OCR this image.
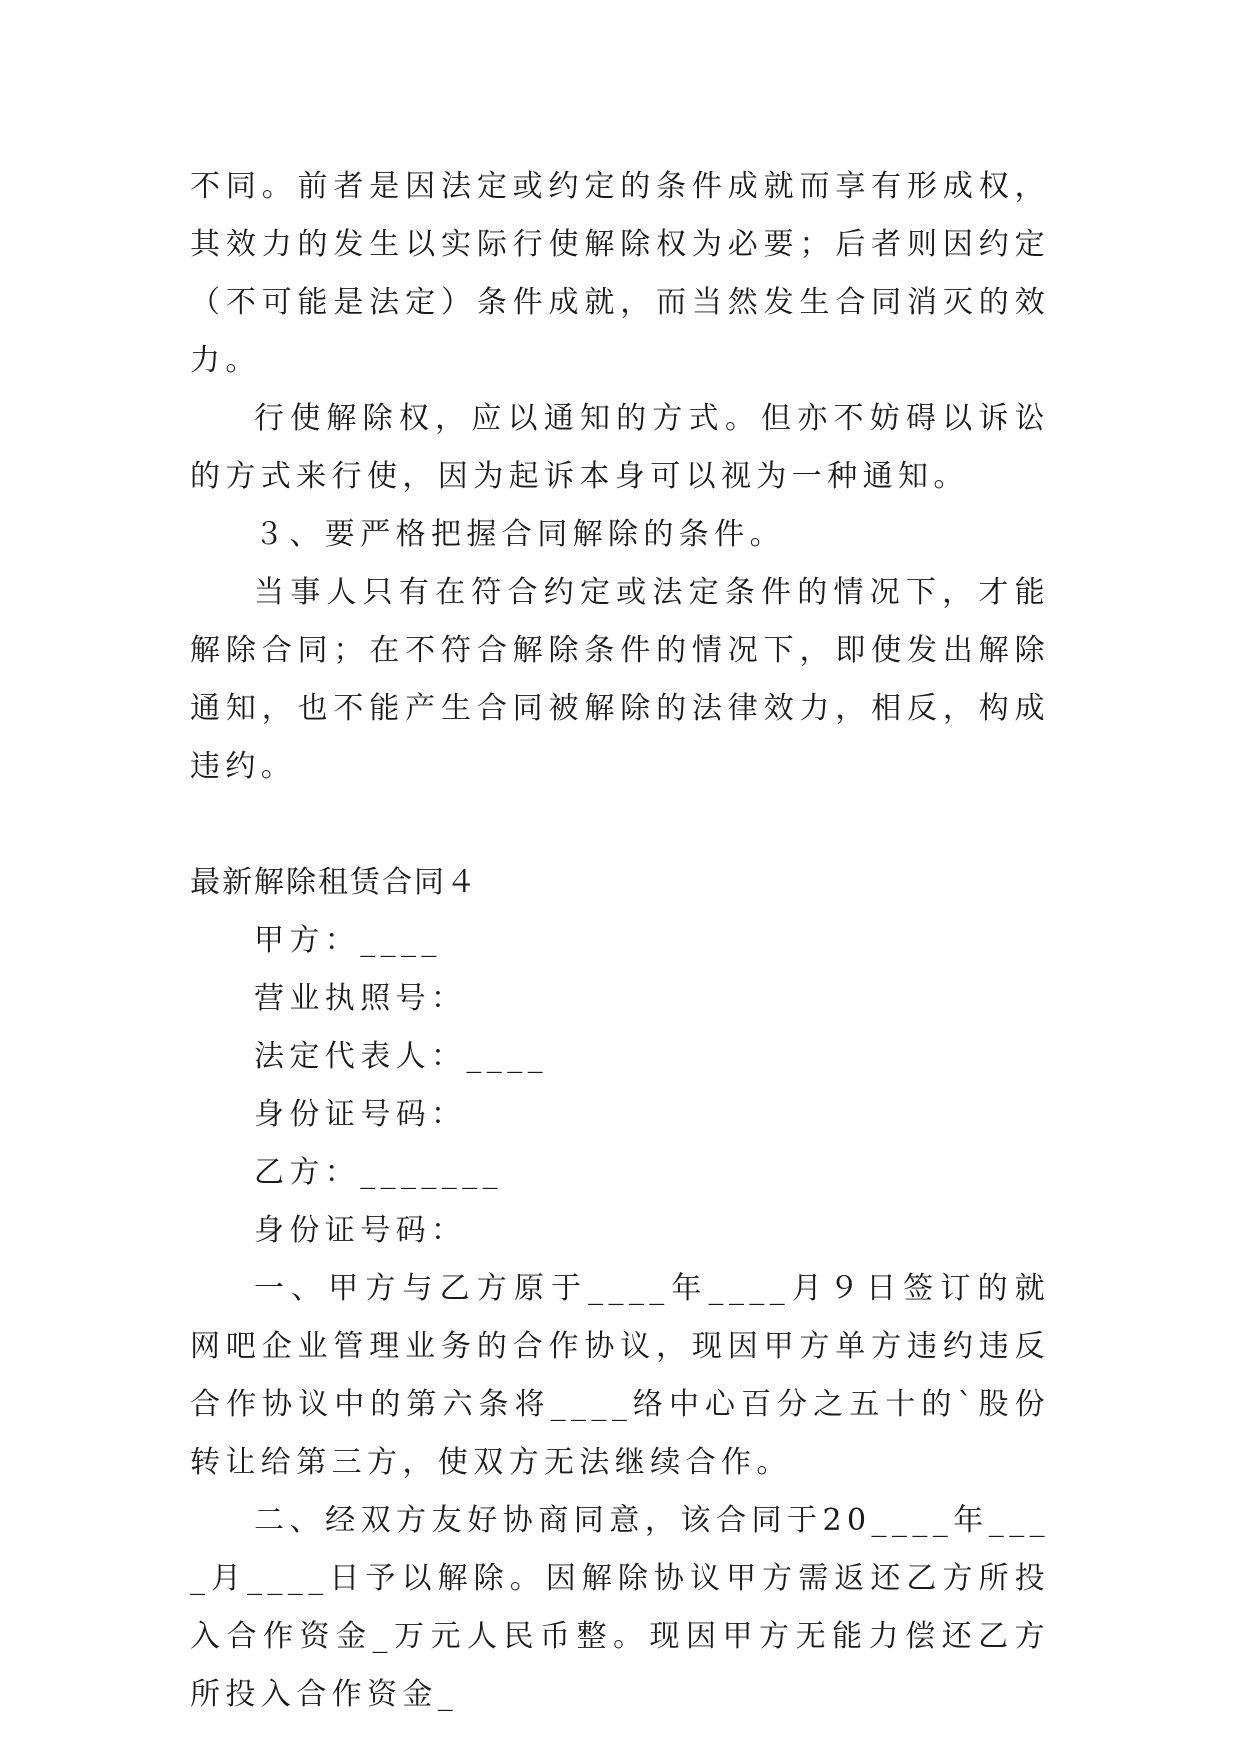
不同。前者是因法定或约定的条件成就而享有形成权，其效力的发生以实际行使解除权为必要；后者则因约定（不可能是法定）条件成就，而当然发生合同消灭的效力。

行使解除权，应以通知的方式。但亦不妨碍以诉讼的方式来行使，因为起诉本身可以视为一种通知。

３、要严格把握合同解除的条件。

当事人只有在符合约定或法定条件的情况下，才能解除合同；在不符合解除条件的情况下，即使发出解除通知，也不能产生合同被解除的法律效力，相反，构成违约。

最新解除租赁合同４

甲方：____

营业执照号：

法定代表人：____

身份证号码：

乙方：_______

身份证号码：

一、甲方与乙方原于____年____月９日签订的就网吧企业管理业务的合作协议，现因甲方单方违约违反合作协议中的第六条将____络中心百分之五十的`股份转让给第三方，使双方无法继续合作。

二、经双方友好协商同意，该合同于20____年____月____日予以解除。因解除协议甲方需返还乙方所投入合作资金_万元人民币整。现因甲方无能力偿还乙方所投入合作资金_
